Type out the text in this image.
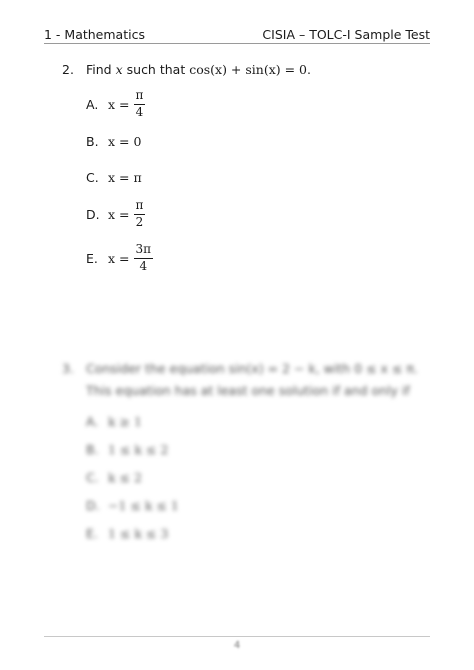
1 - Mathematics	CISIA – TOLC-I Sample Test
2. Find x such that cos(x) + sin(x) = 0.
A. $x = \frac{\pi}{4}$
B. x = 0
C. x = π
D. $x = \frac{\pi}{2}$
E. $x = \frac{3\pi}{4}$
3. Consider the equation sin(x) = 2 − k, with 0 ≤ x ≤ π. This equation has at least one solution if and only if
A. k ≥ 1
B. 1 ≤ k ≤ 2
C. k ≤ 2
D. −1 ≤ k ≤ 1
E. 1 ≤ k ≤ 3
4
